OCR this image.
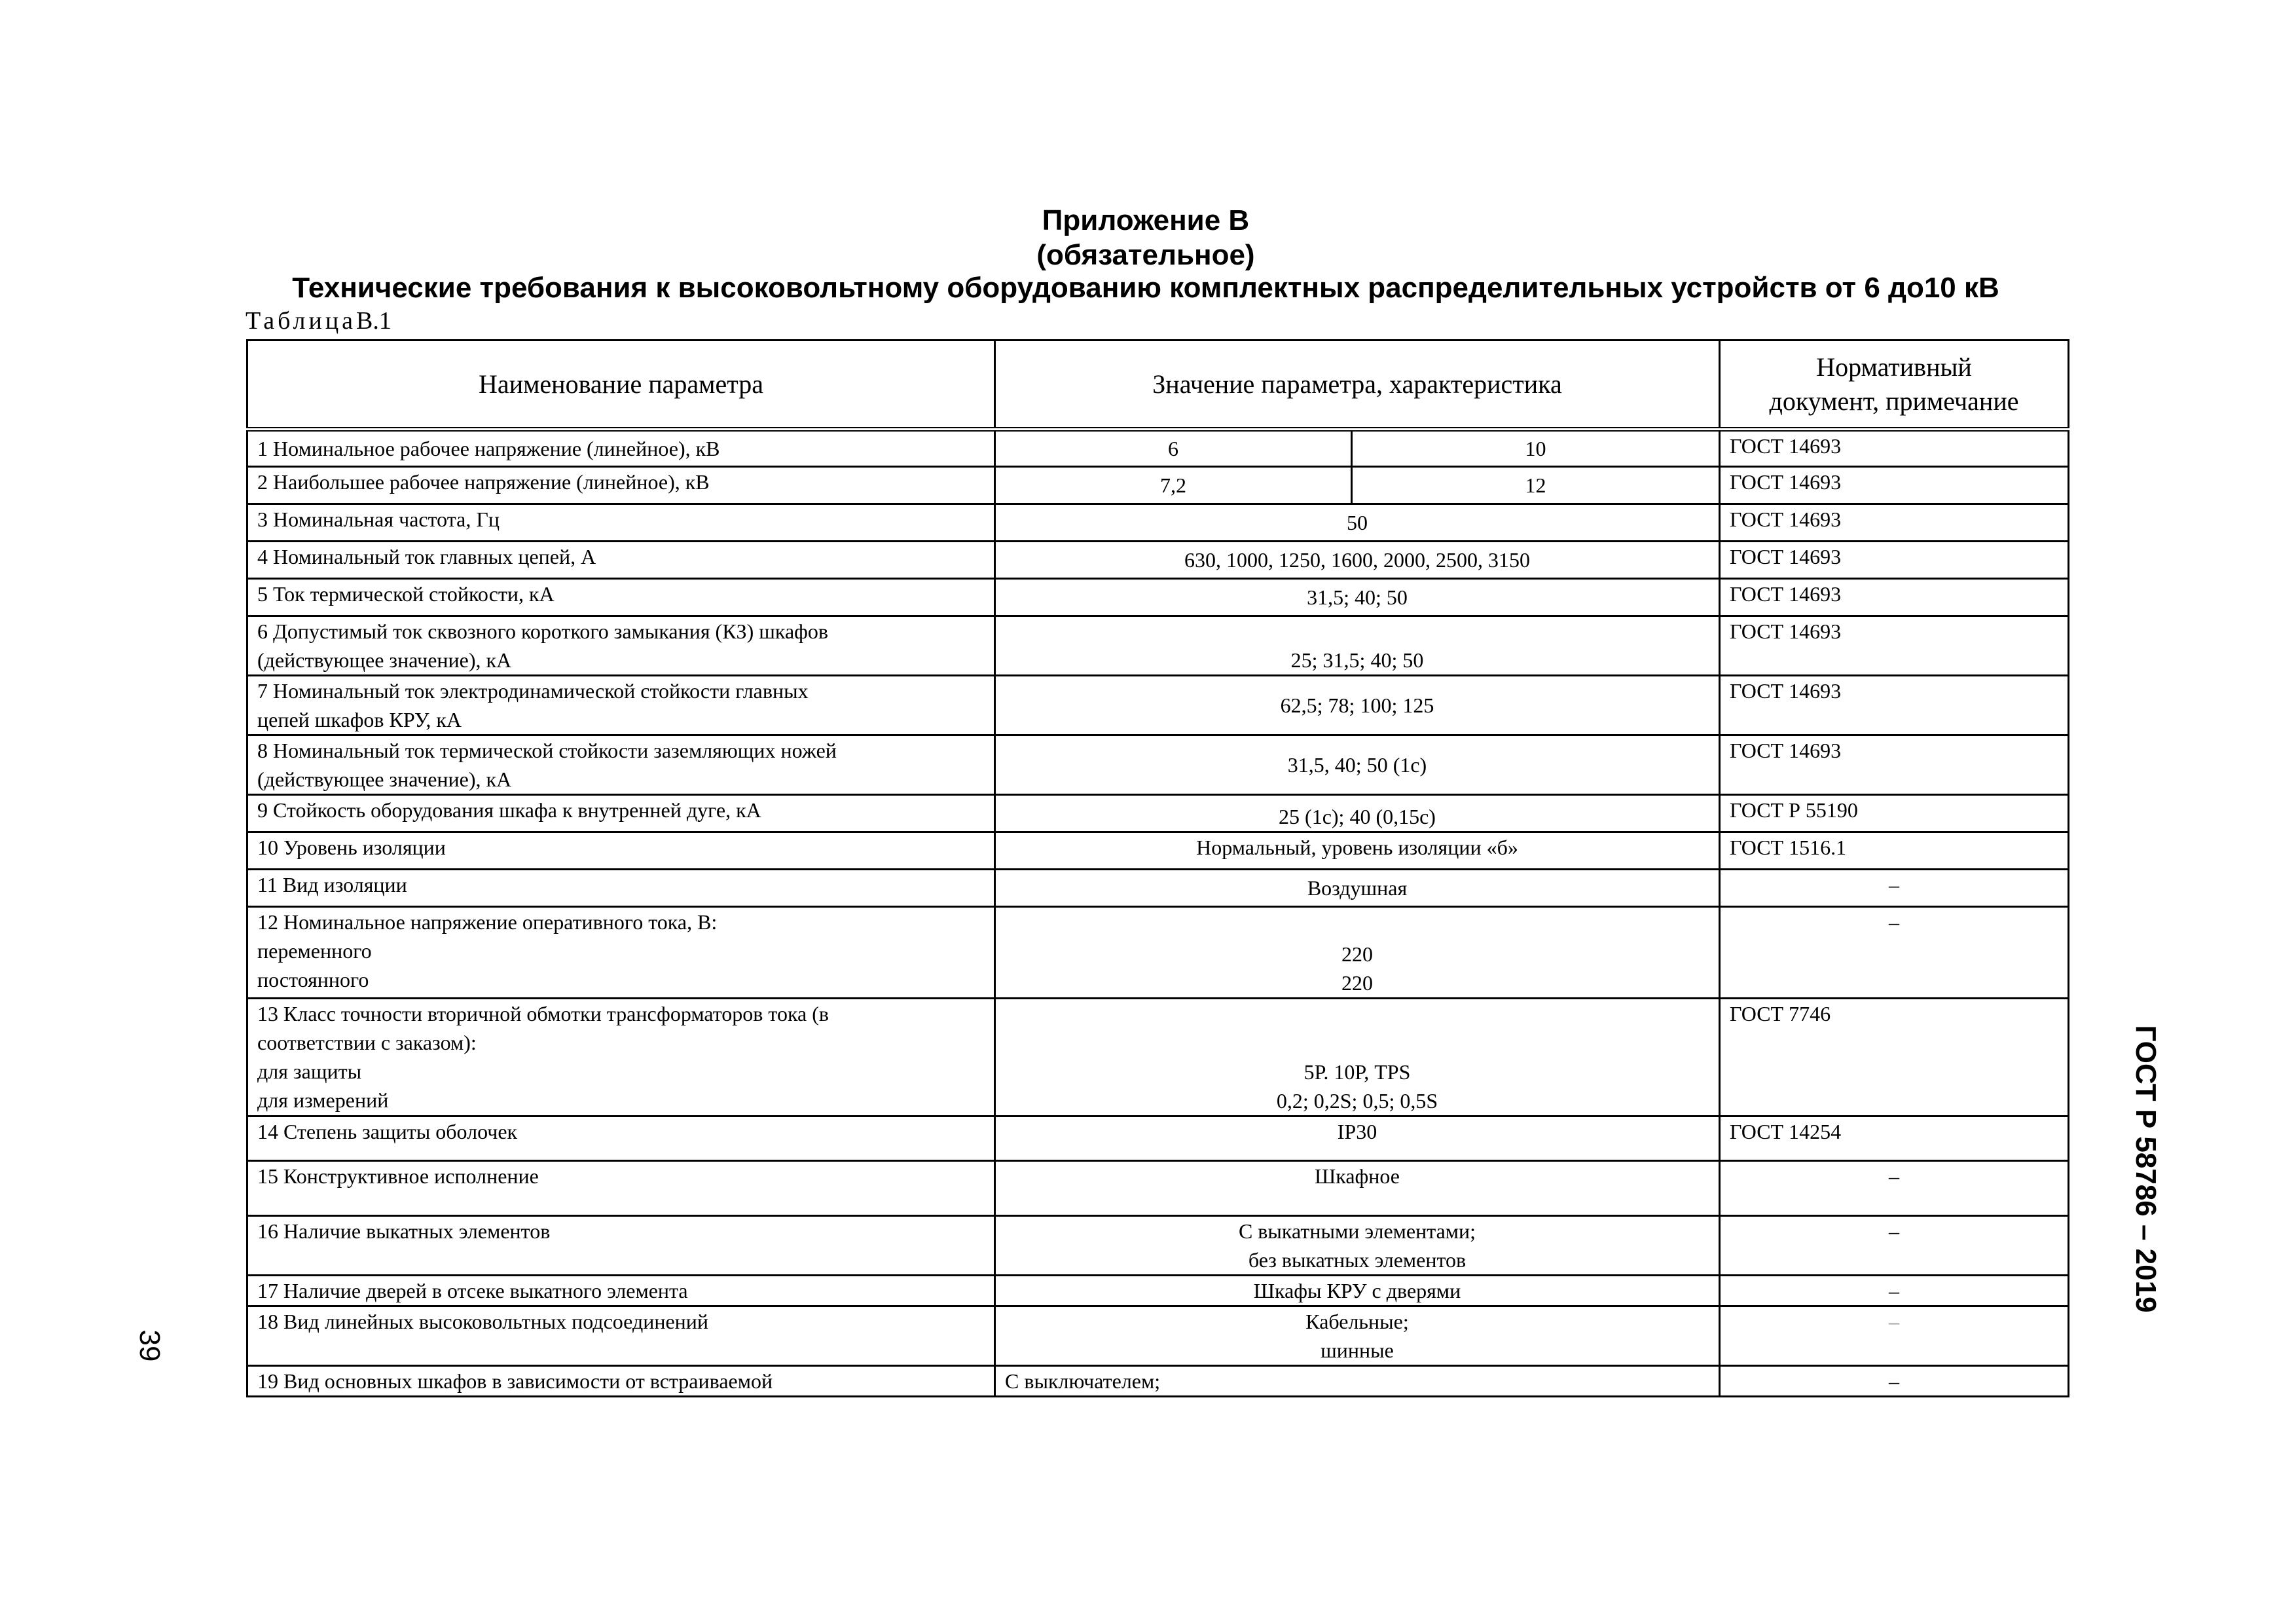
Приложение В
(обязательное)
Технические требования к высоковольтному оборудованию комплектных распределительных устройств от 6 до10 кВ
ТаблицаВ.1
ГОСТ Р 58786 – 2019
39
Наименование параметра	Значение параметра, характеристика		Нормативный
документ, примечание

1 Номинальное рабочее напряжение (линейное), кВ	6	10	ГОСТ 14693
2 Наибольшее рабочее напряжение (линейное), кВ	7,2	12	ГОСТ 14693
3 Номинальная частота, Гц	50		ГОСТ 14693
4 Номинальный ток главных цепей, А	630, 1000, 1250, 1600, 2000, 2500, 3150		ГОСТ 14693
5 Ток термической стойкости, кА	31,5; 40; 50		ГОСТ 14693

6 Допустимый ток сквозного короткого замыкания (КЗ) шкафов
(действующее значение), кА	25; 31,5; 40; 50		ГОСТ 14693

7 Номинальный ток электродинамической стойкости главных
цепей шкафов КРУ, кА	62,5; 78; 100; 125		ГОСТ 14693

8 Номинальный ток термической стойкости заземляющих ножей
(действующее значение), кА	31,5, 40; 50 (1с)		ГОСТ 14693
9 Стойкость оборудования шкафа к внутренней дуге, кА	25 (1с); 40 (0,15с)		ГОСТ Р 55190
10 Уровень изоляции	Нормальный, уровень изоляции «б»		ГОСТ 1516.1
11 Вид изоляции	Воздушная		–

12 Номинальное напряжение оперативного тока, В:
переменного
постоянного	220
220		–

13 Класс точности вторичной обмотки трансформаторов тока (в
соответствии с заказом):
для защиты
для измерений	5Р. 10Р, TPS
0,2; 0,2S; 0,5; 0,5S		ГОСТ 7746
14 Степень защиты оболочек	IP30		ГОСТ 14254
15 Конструктивное исполнение	Шкафное		–
16 Наличие выкатных элементов	С выкатными элементами;
без выкатных элементов		–
17 Наличие дверей в отсеке выкатного элемента	Шкафы КРУ с дверями		–
18 Вид линейных высоковольтных подсоединений	Кабельные;
шинные		–
19 Вид основных шкафов в зависимости от встраиваемой	С выключателем;		–
